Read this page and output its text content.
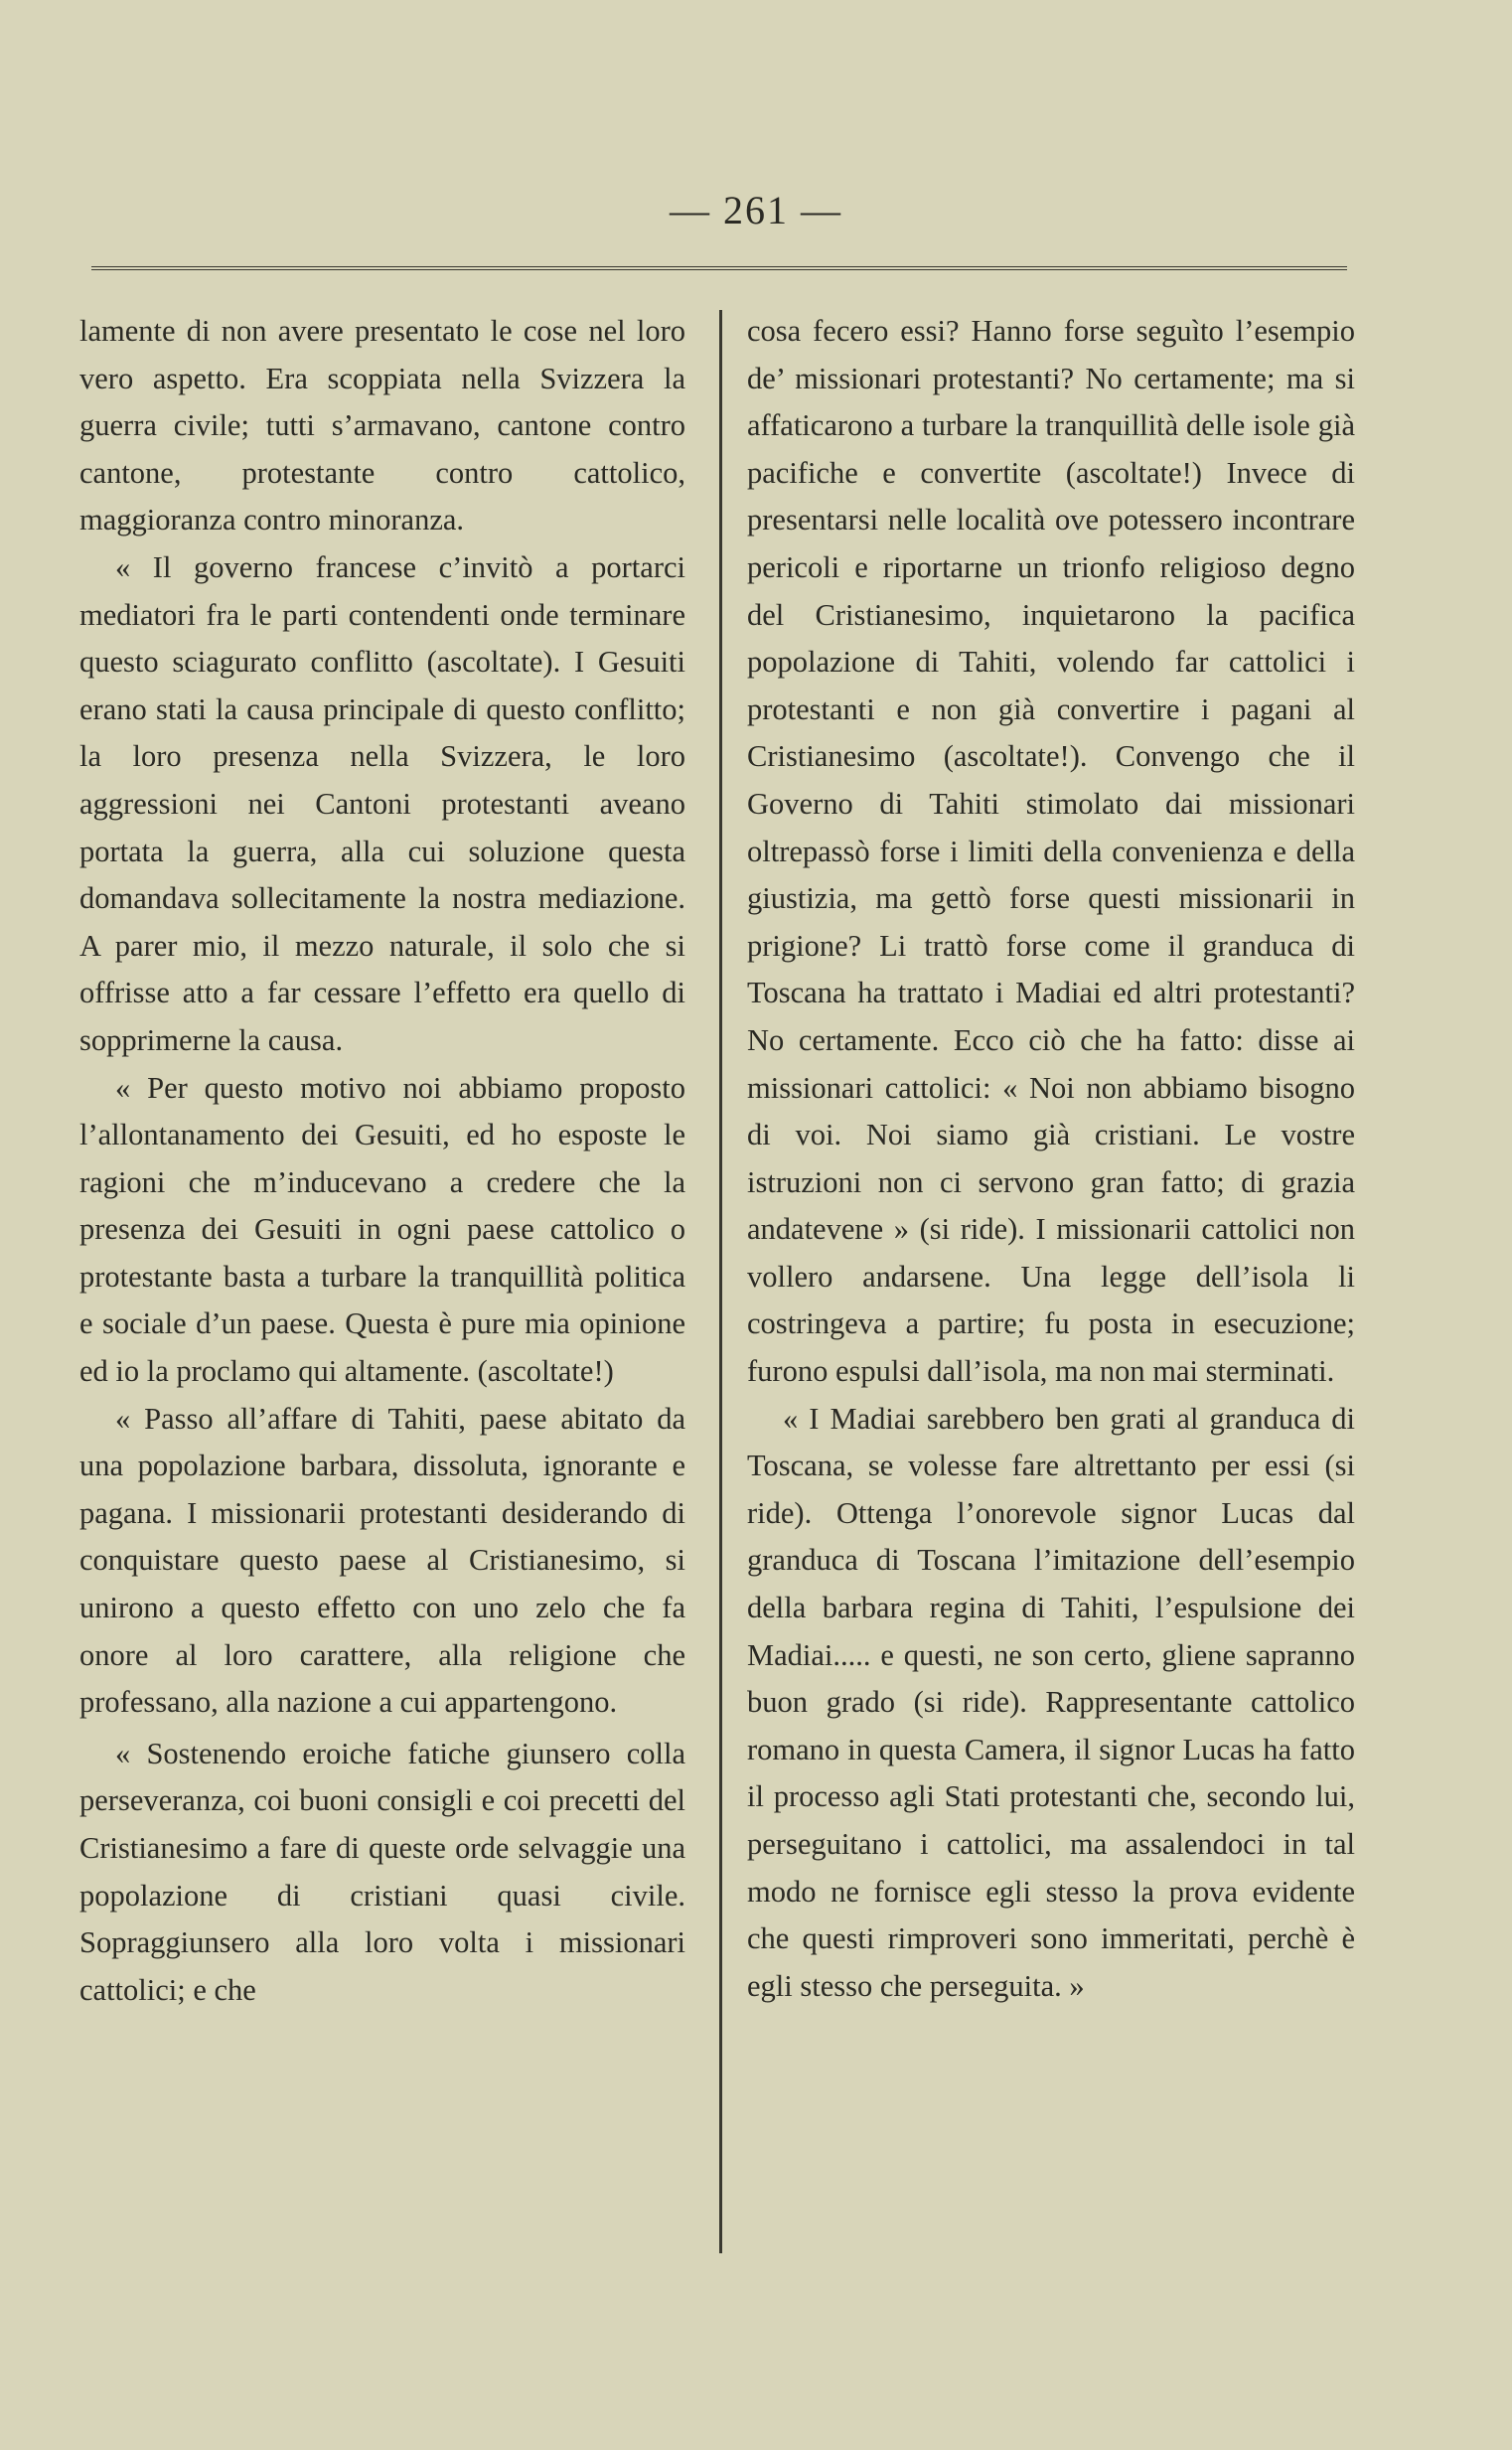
— 261 —

lamente di non avere presentato le cose nel loro vero aspetto. Era scoppiata nella Svizzera la guerra civile; tutti s’armavano, cantone contro cantone, protestante contro cattolico, maggioranza contro minoranza.

« Il governo francese c’invitò a portarci mediatori fra le parti contendenti onde terminare questo sciagurato conflitto (ascoltate). I Gesuiti erano stati la causa principale di questo conflitto; la loro presenza nella Svizzera, le loro aggressioni nei Cantoni protestanti aveano portata la guerra, alla cui soluzione questa domandava sollecitamente la nostra mediazione. A parer mio, il mezzo naturale, il solo che si offrisse atto a far cessare l’effetto era quello di sopprimerne la causa.

« Per questo motivo noi abbiamo proposto l’allontanamento dei Gesuiti, ed ho esposte le ragioni che m’inducevano a credere che la presenza dei Gesuiti in ogni paese cattolico o protestante basta a turbare la tranquillità politica e sociale d’un paese. Questa è pure mia opinione ed io la proclamo qui altamente. (ascoltate!)

« Passo all’affare di Tahiti, paese abitato da una popolazione barbara, dissoluta, ignorante e pagana. I missionarii protestanti desiderando di conquistare questo paese al Cristianesimo, si unirono a questo effetto con uno zelo che fa onore al loro carattere, alla religione che professano, alla nazione a cui appartengono.

« Sostenendo eroiche fatiche giunsero colla perseveranza, coi buoni consigli e coi precetti del Cristianesimo a fare di queste orde selvaggie una popolazione di cristiani quasi civile. Sopraggiunsero alla loro volta i missionari cattolici; e che

cosa fecero essi? Hanno forse seguìto l’esempio de’ missionari protestanti? No certamente; ma si affaticarono a turbare la tranquillità delle isole già pacifiche e convertite (ascoltate!) Invece di presentarsi nelle località ove potessero incontrare pericoli e riportarne un trionfo religioso degno del Cristianesimo, inquietarono la pacifica popolazione di Tahiti, volendo far cattolici i protestanti e non già convertire i pagani al Cristianesimo (ascoltate!). Convengo che il Governo di Tahiti stimolato dai missionari oltrepassò forse i limiti della convenienza e della giustizia, ma gettò forse questi missionarii in prigione? Li trattò forse come il granduca di Toscana ha trattato i Madiai ed altri protestanti? No certamente. Ecco ciò che ha fatto: disse ai missionari cattolici: « Noi non abbiamo bisogno di voi. Noi siamo già cristiani. Le vostre istruzioni non ci servono gran fatto; di grazia andatevene » (si ride). I missionarii cattolici non vollero andarsene. Una legge dell’isola li costringeva a partire; fu posta in esecuzione; furono espulsi dall’isola, ma non mai sterminati.

« I Madiai sarebbero ben grati al granduca di Toscana, se volesse fare altrettanto per essi (si ride). Ottenga l’onorevole signor Lucas dal granduca di Toscana l’imitazione dell’esempio della barbara regina di Tahiti, l’espulsione dei Madiai..... e questi, ne son certo, gliene sapranno buon grado (si ride). Rappresentante cattolico romano in questa Camera, il signor Lucas ha fatto il processo agli Stati protestanti che, secondo lui, perseguitano i cattolici, ma assalendoci in tal modo ne fornisce egli stesso la prova evidente che questi rimproveri sono immeritati, perchè è egli stesso che perseguita. »
